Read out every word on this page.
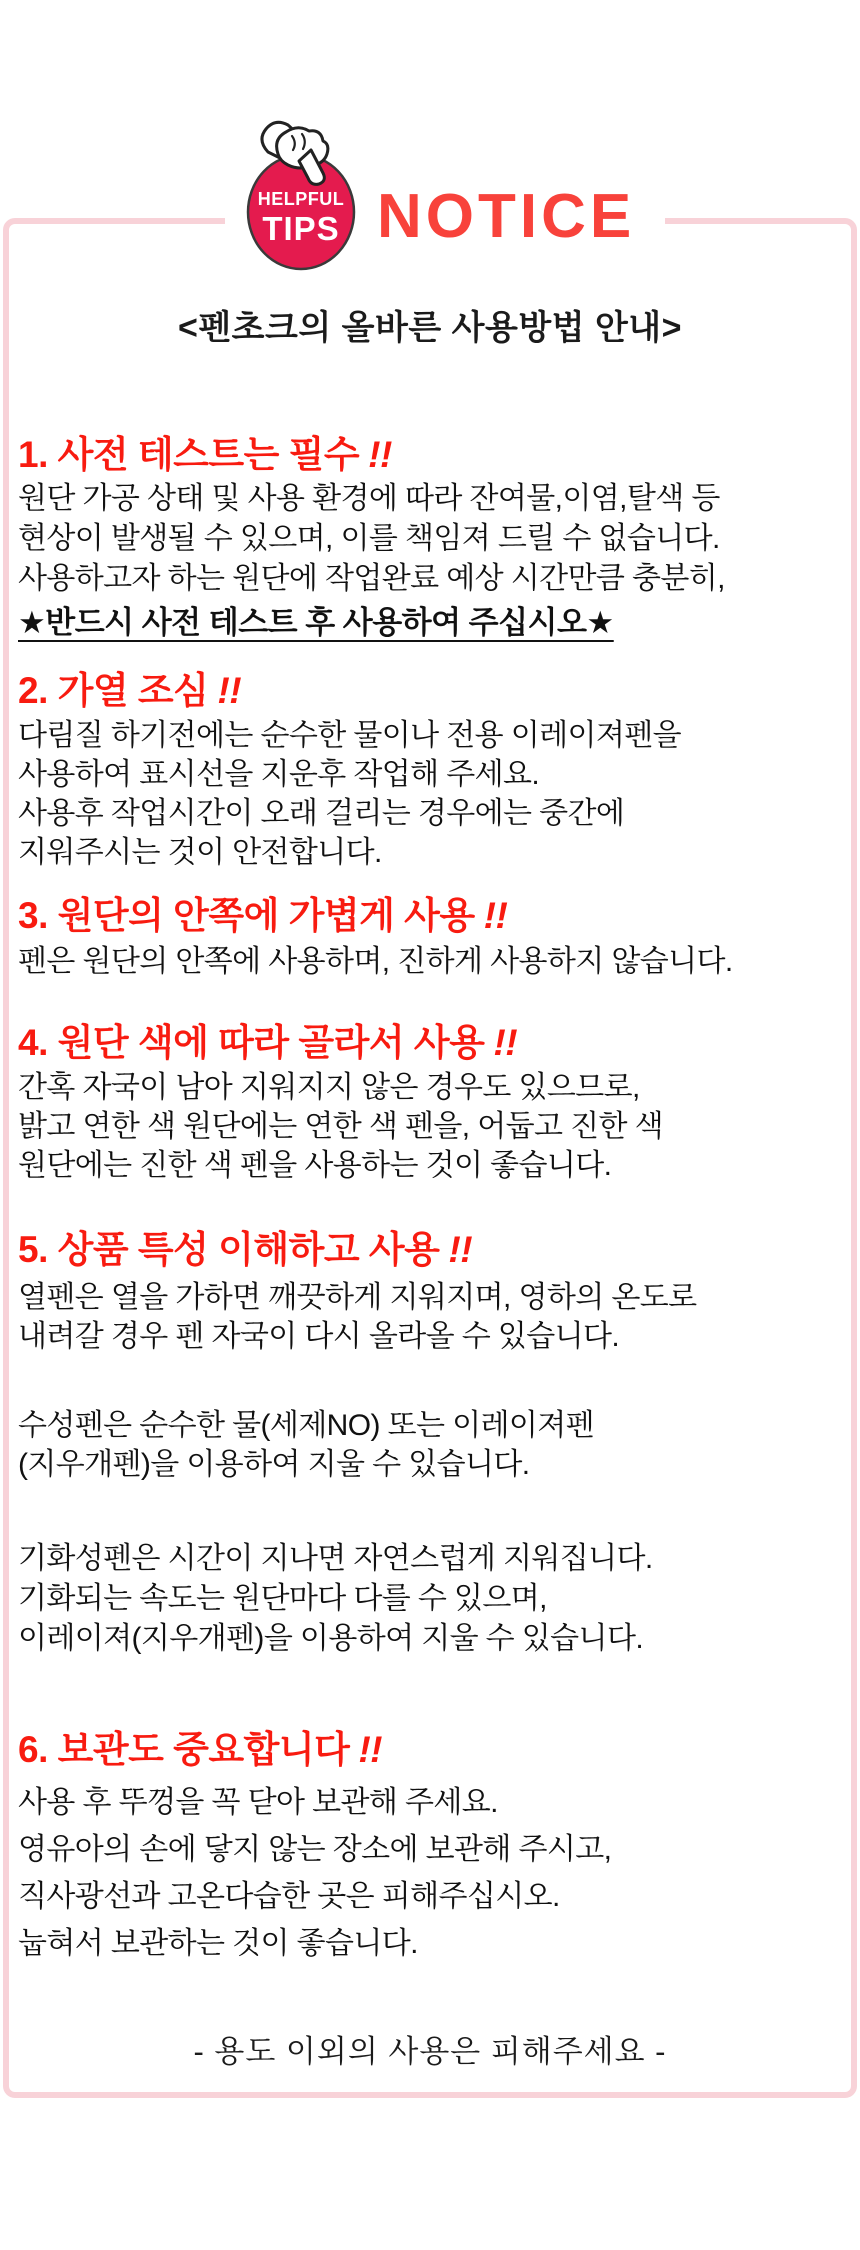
HELPFUL
TIPS NOTICE
<펜초크의 올바른 사용방법 안내>
1. 사전 테스트는 필수 !!
원단 가공 상태 및 사용 환경에 따라 잔여물,이염,탈색 등
현상이 발생될 수 있으며, 이를 책임져 드릴 수 없습니다.
사용하고자 하는 원단에 작업완료 예상 시간만큼 충분히,
★반드시 사전 테스트 후 사용하여 주십시오★
2. 가열 조심 !!
다림질 하기전에는 순수한 물이나 전용 이레이져펜을
사용하여 표시선을 지운후 작업해 주세요.
사용후 작업시간이 오래 걸리는 경우에는 중간에
지워주시는 것이 안전합니다.
3. 원단의 안쪽에 가볍게 사용 !!
펜은 원단의 안쪽에 사용하며, 진하게 사용하지 않습니다.
4. 원단 색에 따라 골라서 사용 !!
간혹 자국이 남아 지워지지 않은 경우도 있으므로,
밝고 연한 색 원단에는 연한 색 펜을, 어둡고 진한 색
원단에는 진한 색 펜을 사용하는 것이 좋습니다.
5. 상품 특성 이해하고 사용 !!
열펜은 열을 가하면 깨끗하게 지워지며, 영하의 온도로
내려갈 경우 펜 자국이 다시 올라올 수 있습니다.
수성펜은 순수한 물(세제NO) 또는 이레이져펜
(지우개펜)을 이용하여 지울 수 있습니다.
기화성펜은 시간이 지나면 자연스럽게 지워집니다.
기화되는 속도는 원단마다 다를 수 있으며,
이레이져(지우개펜)을 이용하여 지울 수 있습니다.
6. 보관도 중요합니다 !!
사용 후 뚜껑을 꼭 닫아 보관해 주세요.
영유아의 손에 닿지 않는 장소에 보관해 주시고,
직사광선과 고온다습한 곳은 피해주십시오.
눕혀서 보관하는 것이 좋습니다.
- 용도 이외의 사용은 피해주세요 -
